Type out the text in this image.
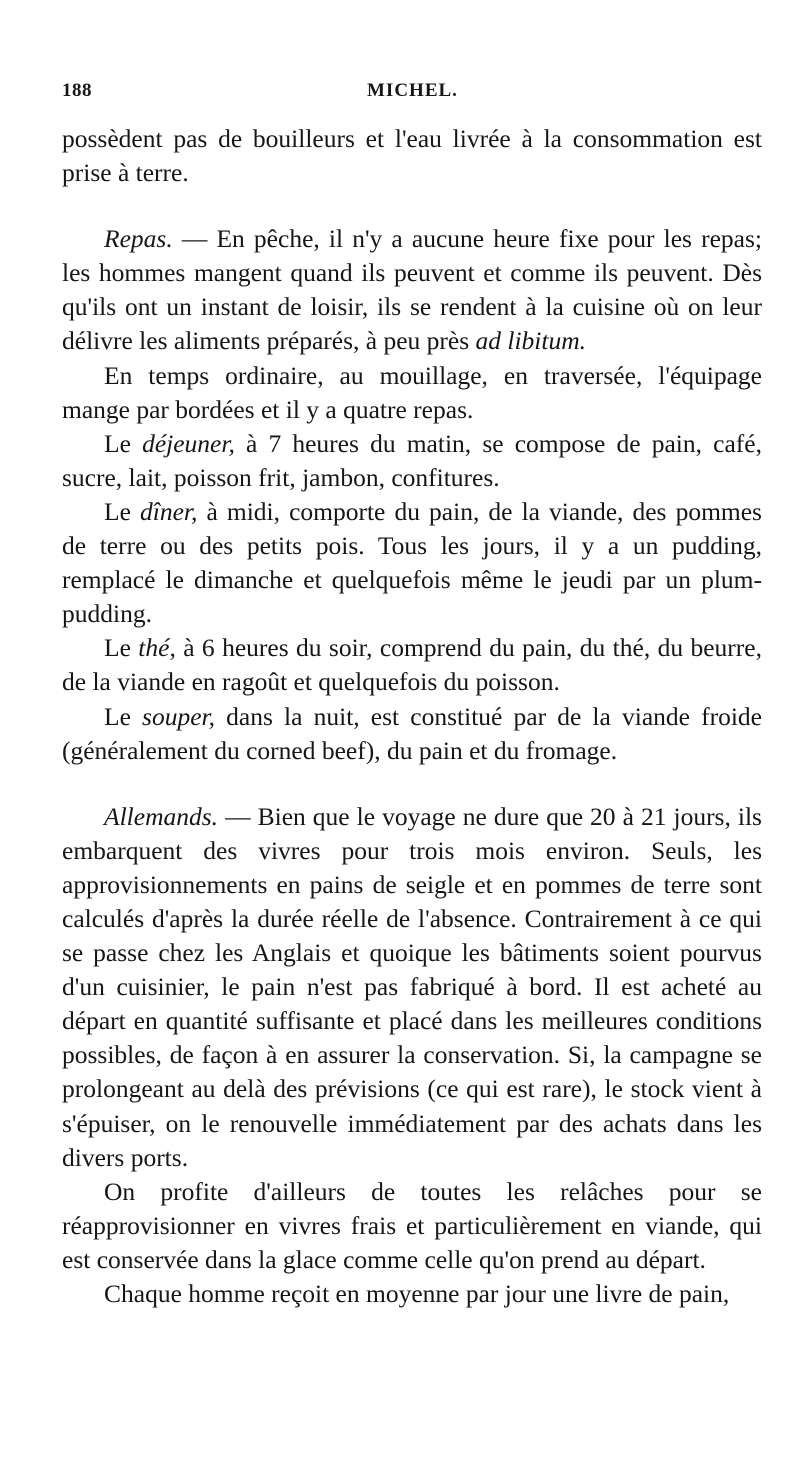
188	MICHEL.

possèdent pas de bouilleurs et l'eau livrée à la consommation est prise à terre.

Repas. — En pêche, il n'y a aucune heure fixe pour les repas; les hommes mangent quand ils peuvent et comme ils peuvent. Dès qu'ils ont un instant de loisir, ils se rendent à la cuisine où on leur délivre les aliments préparés, à peu près ad libitum.

En temps ordinaire, au mouillage, en traversée, l'équipage mange par bordées et il y a quatre repas.

Le déjeuner, à 7 heures du matin, se compose de pain, café, sucre, lait, poisson frit, jambon, confitures.

Le dîner, à midi, comporte du pain, de la viande, des pommes de terre ou des petits pois. Tous les jours, il y a un pudding, remplacé le dimanche et quelquefois même le jeudi par un plum-pudding.

Le thé, à 6 heures du soir, comprend du pain, du thé, du beurre, de la viande en ragoût et quelquefois du poisson.

Le souper, dans la nuit, est constitué par de la viande froide (généralement du corned beef), du pain et du fromage.

Allemands. — Bien que le voyage ne dure que 20 à 21 jours, ils embarquent des vivres pour trois mois environ. Seuls, les approvisionnements en pains de seigle et en pommes de terre sont calculés d'après la durée réelle de l'absence. Contrairement à ce qui se passe chez les Anglais et quoique les bâtiments soient pourvus d'un cuisinier, le pain n'est pas fabriqué à bord. Il est acheté au départ en quantité suffisante et placé dans les meilleures conditions possibles, de façon à en assurer la conservation. Si, la campagne se prolongeant au delà des prévisions (ce qui est rare), le stock vient à s'épuiser, on le renouvelle immédiatement par des achats dans les divers ports.

On profite d'ailleurs de toutes les relâches pour se réapprovisionner en vivres frais et particulièrement en viande, qui est conservée dans la glace comme celle qu'on prend au départ.

Chaque homme reçoit en moyenne par jour une livre de pain,
